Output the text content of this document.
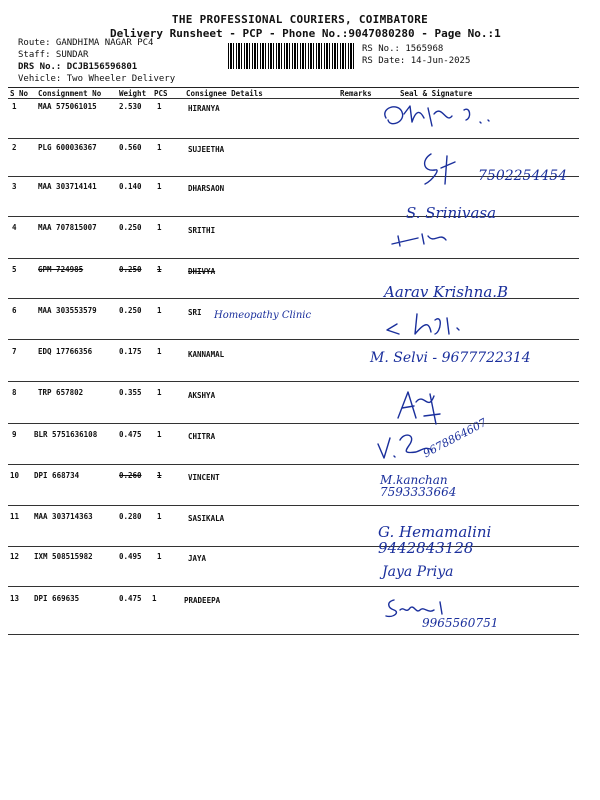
THE PROFESSIONAL COURIERS, COIMBATORE
Delivery Runsheet - PCP - Phone No.:9047080280 - Page No.:1
Route: GANDHIMA NAGAR PC4
Staff: SUNDAR
DRS No.: DCJB156596801
Vehicle: Two Wheeler Delivery
RS No.: 1565968
RS Date: 14-Jun-2025
S No Consignment No Weight PCS Consignee Details	Remarks	Seal & Signature
1	MAA 575061015	2.530 1	HIRANYA
2	PLG 600036367	0.560 1	SUJEETHA
3	MAA 303714141	0.140 1	DHARSAON
4	MAA 707815007	0.250 1	SRITHI
5	GPM 724985	0.250 1	DHIVYA
6	MAA 303553579	0.250 1	SRI
7	EDQ 17766356	0.175 1	KANNAMAL
8	TRP 657802	0.355 1	AKSHYA
9 BLR 5751636108	0.475 1	CHITRA
10 DPI 668734	0.260 1	VINCENT
11 MAA 303714363	0.280 1	SASIKALA
12 IXM 508515982	0.495 1	JAYA
13 DPI 669635	0.475 1	PRADEEPA
7502254454
S. Srinivasa
Aarav Krishna.B
Homeopathy Clinic
M. Selvi - 9677722314
9678864607
M.kanchan 7593333664
G. Hemamalini 9442843128
Jaya Priya
9965560751
